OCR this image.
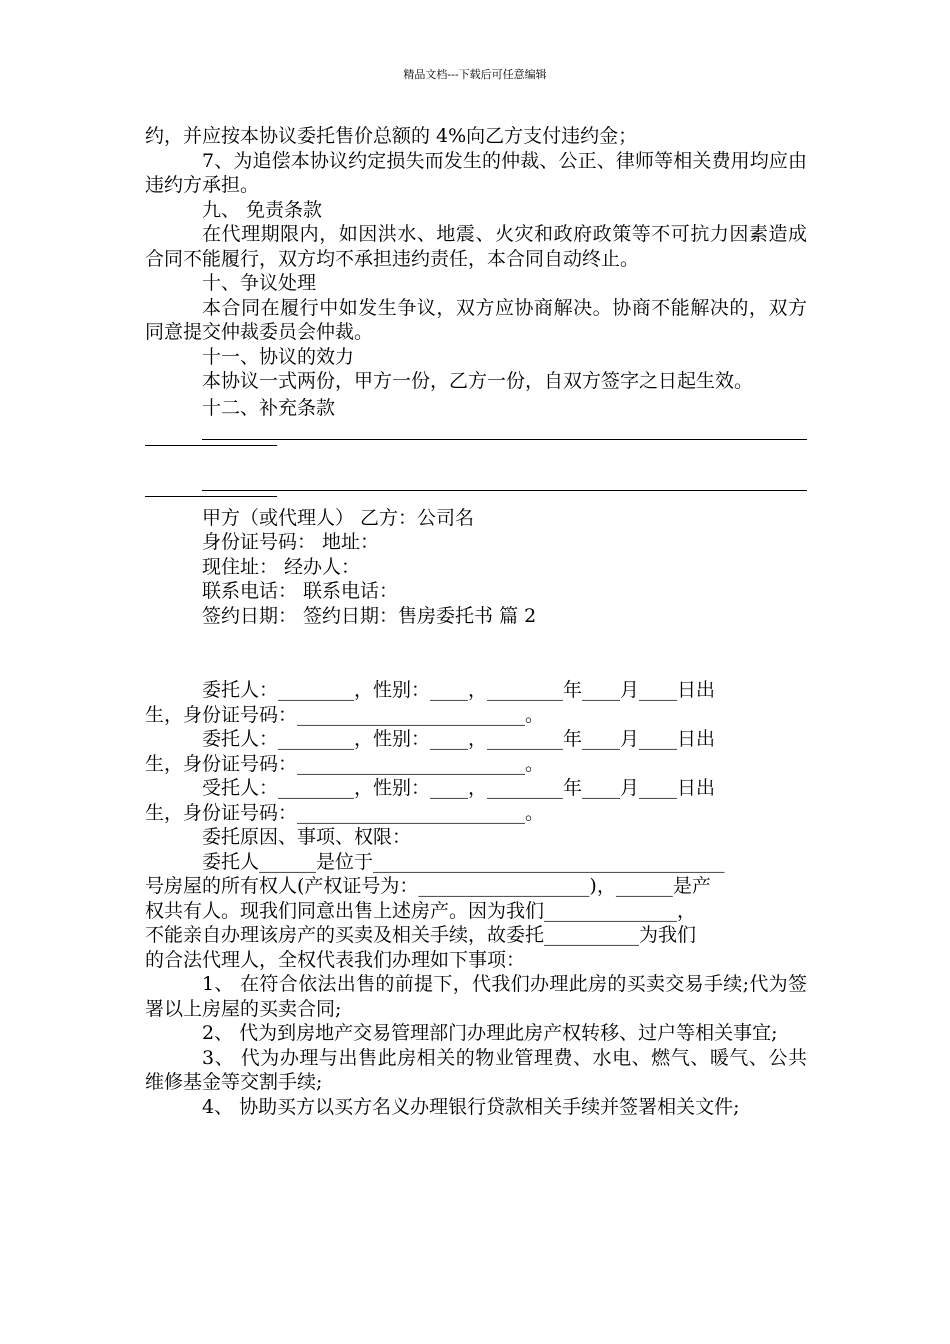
精品文档---下载后可任意编辑

约，并应按本协议委托售价总额的 4%向乙方支付违约金；

7、为追偿本协议约定损失而发生的仲裁、公正、律师等相关费用均应由违约方承担。

九、 免责条款

在代理期限内，如因洪水、地震、火灾和政府政策等不可抗力因素造成合同不能履行，双方均不承担违约责任，本合同自动终止。

十、争议处理

本合同在履行中如发生争议，双方应协商解决。协商不能解决的，双方同意提交仲裁委员会仲裁。

十一、协议的效力

本协议一式两份，甲方一份，乙方一份，自双方签字之日起生效。

十二、补充条款

甲方（或代理人） 乙方：公司名

身份证号码： 地址：

现住址： 经办人：

联系电话： 联系电话：

签约日期： 签约日期：售房委托书 篇 2

委托人：________，性别：____，________年____月____日出

生，身份证号码：________________________。

委托人：________，性别：____，________年____月____日出

生，身份证号码：________________________。

受托人：________，性别：____，________年____月____日出

生，身份证号码：________________________。

委托原因、事项、权限：

委托人______是位于_____________________________________

号房屋的所有权人(产权证号为：__________________)，______是产

权共有人。现我们同意出售上述房产。因为我们______________，

不能亲自办理该房产的买卖及相关手续，故委托__________为我们

的合法代理人，全权代表我们办理如下事项：

1、 在符合依法出售的前提下，代我们办理此房的买卖交易手续;代为签署以上房屋的买卖合同;

2、 代为到房地产交易管理部门办理此房产权转移、过户等相关事宜;

3、 代为办理与出售此房相关的物业管理费、水电、燃气、暖气、公共维修基金等交割手续;

4、 协助买方以买方名义办理银行贷款相关手续并签署相关文件;
